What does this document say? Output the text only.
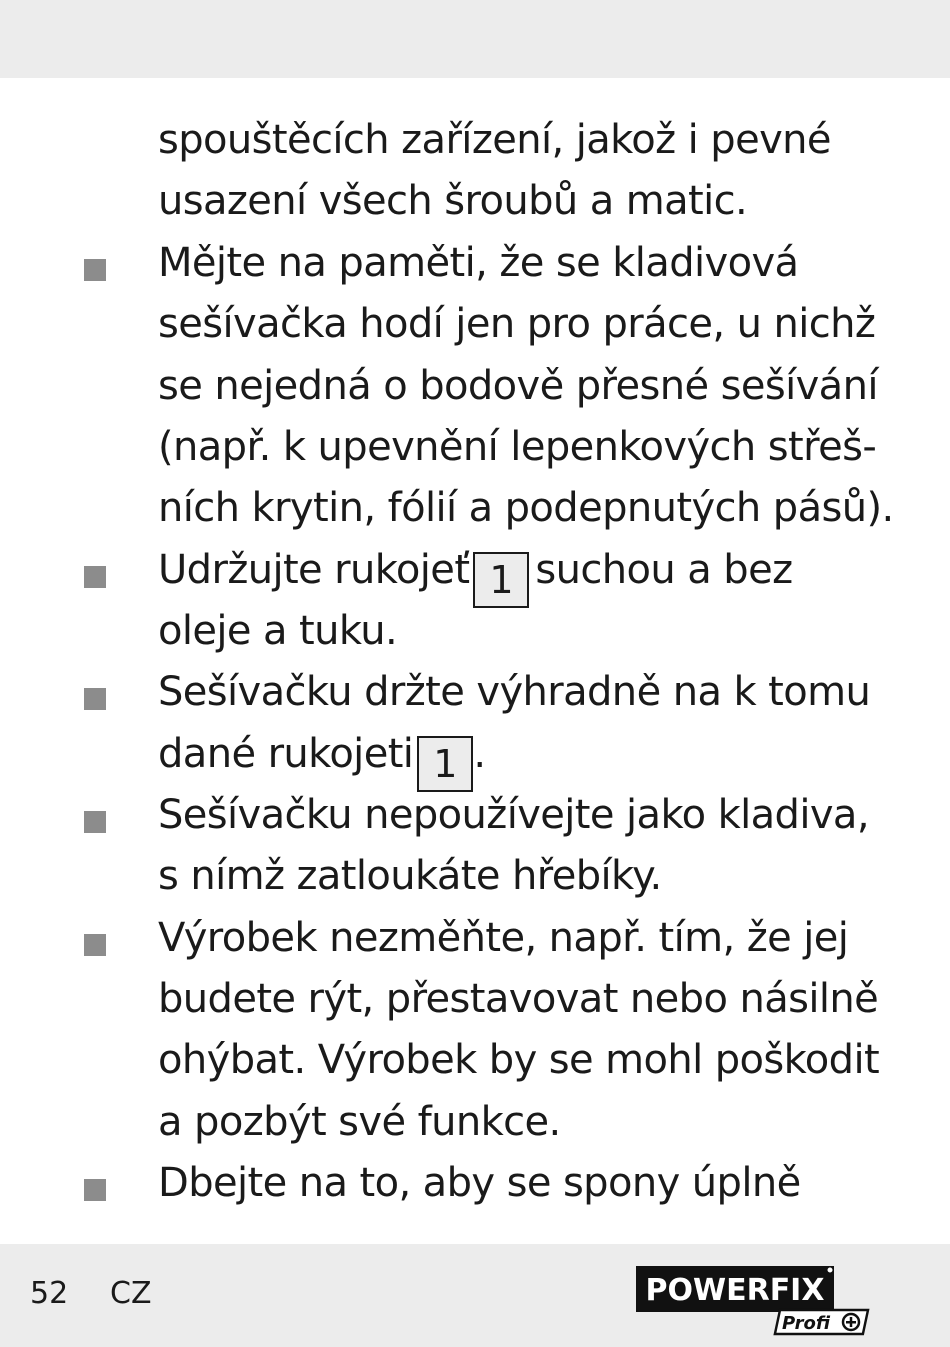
spouštěcích zařízení, jakož i pevné
usazení všech šroubů a matic.
Mějte na paměti, že se kladivová
sešívačka hodí jen pro práce, u nichž
se nejedná o bodově přesné sešívání
(např. k upevnění lepenkových střeš-
ních krytin, fólií a podepnutých pásů).
Udržujte rukojeť 1 suchou a bez
oleje a tuku.
Sešívačku držte výhradně na k tomu
dané rukojeti 1 .
Sešívačku nepoužívejte jako kladiva,
s nímž zatloukáte hřebíky.
Výrobek nezměňte, např. tím, že jej
budete rýt, přestavovat nebo násilně
ohýbat. Výrobek by se mohl poškodit
a pozbýt své funkce.
Dbejte na to, aby se spony úplně
52 CZ	POWERFIX
Profi
